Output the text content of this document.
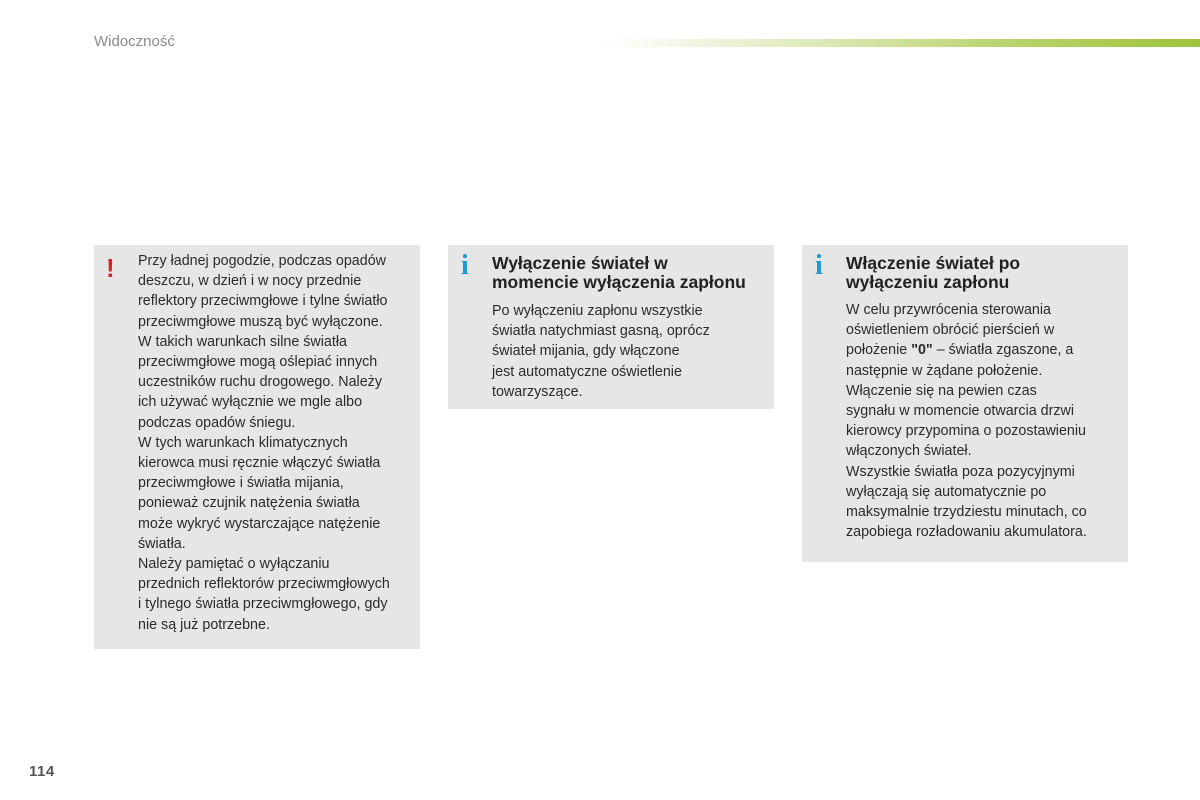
Widoczność
! Przy ładnej pogodzie, podczas opadów
deszczu, w dzień i w nocy przednie
reflektory przeciwmgłowe i tylne światło
przeciwmgłowe muszą być wyłączone.
W takich warunkach silne światła
przeciwmgłowe mogą oślepiać innych
uczestników ruchu drogowego. Należy
ich używać wyłącznie we mgle albo
podczas opadów śniegu.
W tych warunkach klimatycznych
kierowca musi ręcznie włączyć światła
przeciwmgłowe i światła mijania,
ponieważ czujnik natężenia światła
może wykryć wystarczające natężenie
światła.
Należy pamiętać o wyłączaniu
przednich reflektorów przeciwmgłowych
i tylnego światła przeciwmgłowego, gdy
nie są już potrzebne.
i Wyłączenie świateł w
momencie wyłączenia zapłonu
Po wyłączeniu zapłonu wszystkie
światła natychmiast gasną, oprócz
świateł mijania, gdy włączone
jest automatyczne oświetlenie
towarzyszące.
i Włączenie świateł po
wyłączeniu zapłonu
W celu przywrócenia sterowania
oświetleniem obrócić pierścień w
położenie "0" – światła zgaszone, a
następnie w żądane położenie.
Włączenie się na pewien czas
sygnału w momencie otwarcia drzwi
kierowcy przypomina o pozostawieniu
włączonych świateł.
Wszystkie światła poza pozycyjnymi
wyłączają się automatycznie po
maksymalnie trzydziestu minutach, co
zapobiega rozładowaniu akumulatora.
114
